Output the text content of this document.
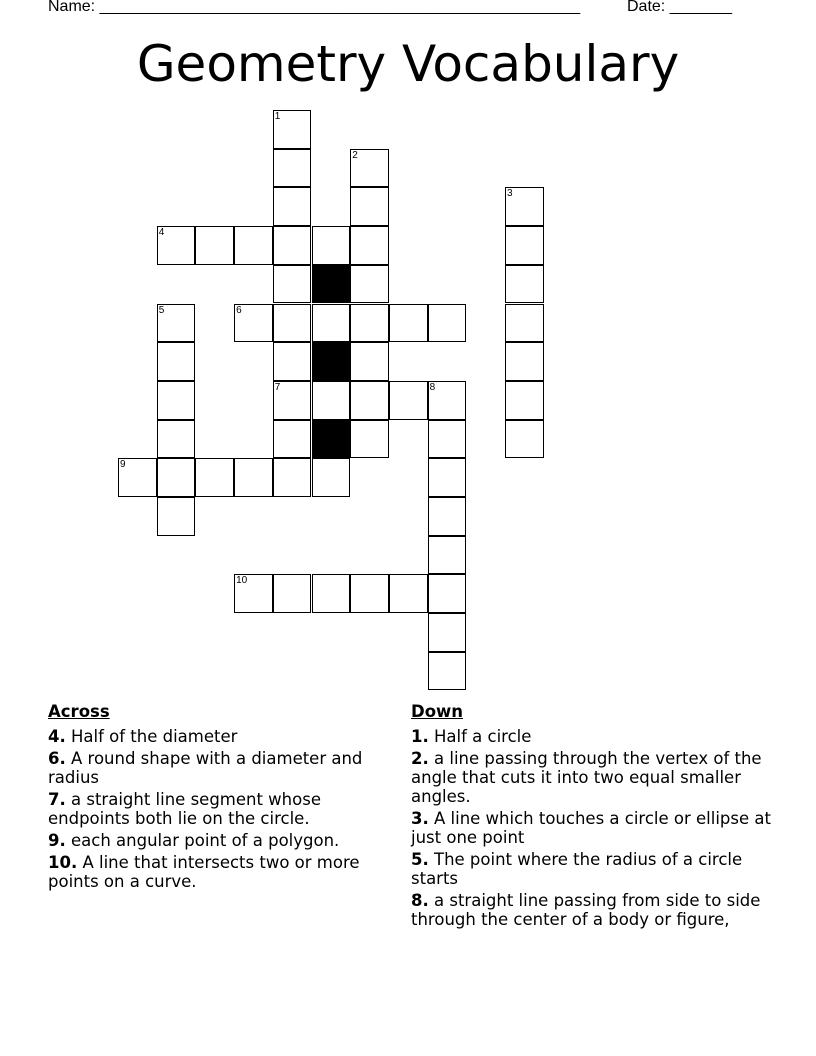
Name: ______________________________________________________	Date: _______
Geometry Vocabulary
1
2
3
4
5	6
7	8
9
10
Across
4. Half of the diameter
6. A round shape with a diameter and radius
7. a straight line segment whose endpoints both lie on the circle.
9. each angular point of a polygon.
10. A line that intersects two or more points on a curve.
Down
1. Half a circle
2. a line passing through the vertex of the angle that cuts it into two equal smaller angles.
3. A line which touches a circle or ellipse at just one point
5. The point where the radius of a circle starts
8. a straight line passing from side to side through the center of a body or figure,
